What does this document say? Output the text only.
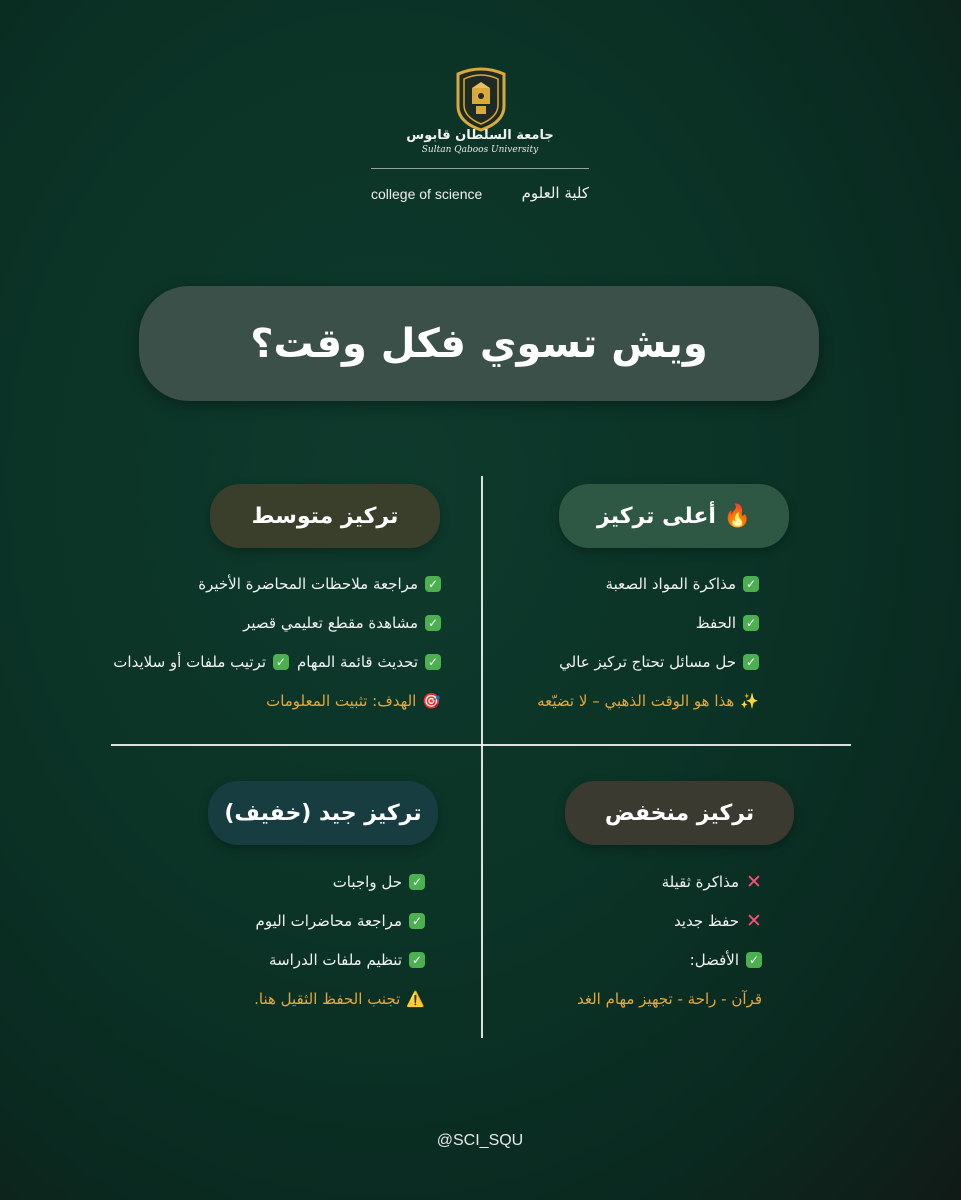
جامعة السلطان قابوس
Sultan Qaboos University
college of science	كلية العلوم
ويش تسوي فكل وقت؟
🔥 أعلى تركيز
✓
مذاكرة المواد الصعبة
✓
الحفظ
✓
حل مسائل تحتاج تركيز عالي
✨
هذا هو الوقت الذهبي – لا تضيّعه
تركيز متوسط
✓
مراجعة ملاحظات المحاضرة الأخيرة
✓
مشاهدة مقطع تعليمي قصير
✓
تحديث قائمة المهام
✓
ترتيب ملفات أو سلايدات
🎯
الهدف: تثبيت المعلومات
تركيز منخفض
✕
مذاكرة ثقيلة
✕
حفظ جديد
✓
الأفضل:
قرآن - راحة - تجهيز مهام الغد
تركيز جيد (خفيف)
✓
حل واجبات
✓
مراجعة محاضرات اليوم
✓
تنظيم ملفات الدراسة
⚠️
تجنب الحفظ الثقيل هنا.
@SCI_SQU
